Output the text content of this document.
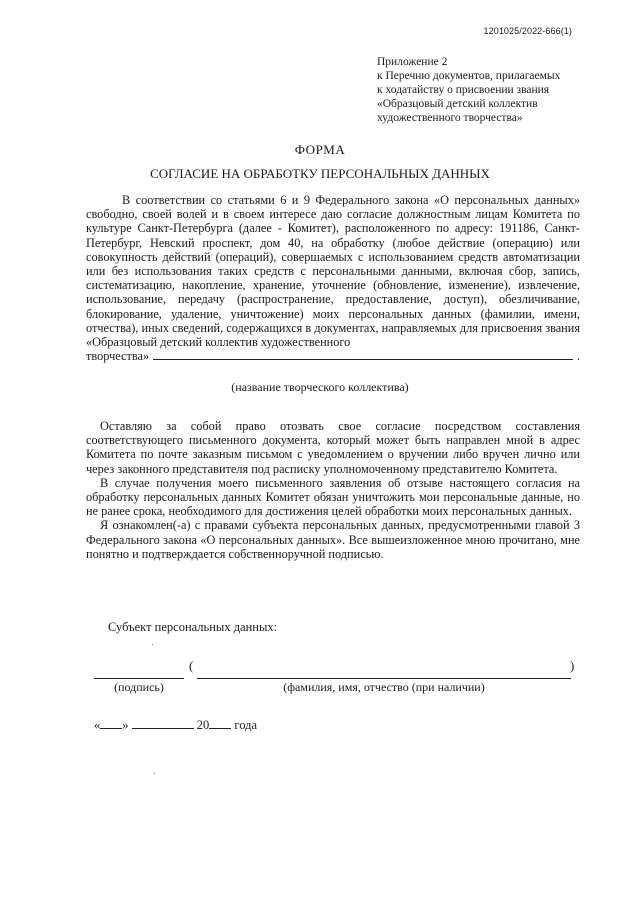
1201025/2022-666(1)
Приложение 2
к Перечню документов, прилагаемых
к ходатайству о присвоении звания
«Образцовый детский коллектив
художественного творчества»
ФОРМА
СОГЛАСИЕ НА ОБРАБОТКУ ПЕРСОНАЛЬНЫХ ДАННЫХ
В соответствии со статьями 6 и 9 Федерального закона «О персональных данных» свободно, своей волей и в своем интересе даю согласие должностным лицам Комитета по культуре Санкт-Петербурга (далее - Комитет), расположенного по адресу: 191186, Санкт-Петербург, Невский проспект, дом 40, на обработку (любое действие (операцию) или совокупность действий (операций), совершаемых с использованием средств автоматизации или без использования таких средств с персональными данными, включая сбор, запись, систематизацию, накопление, хранение, уточнение (обновление, изменение), извлечение, использование, передачу (распространение, предоставление, доступ), обезличивание, блокирование, удаление, уничтожение) моих персональных данных (фамилии, имени, отчества), иных сведений, содержащихся в документах, направляемых для присвоения звания «Образцовый детский коллектив художественного
творчества»	.
(название творческого коллектива)
Оставляю за собой право отозвать свое согласие посредством составления соответствующего письменного документа, который может быть направлен мной в адрес Комитета по почте заказным письмом с уведомлением о вручении либо вручен лично или через законного представителя под расписку уполномоченному представителю Комитета.
В случае получения моего письменного заявления об отзыве настоящего согласия на обработку персональных данных Комитет обязан уничтожить мои персональные данные, но не ранее срока, необходимого для достижения целей обработки моих персональных данных.
Я ознакомлен(-а) с правами субъекта персональных данных, предусмотренными главой 3 Федерального закона «О персональных данных». Все вышеизложенное мною прочитано, мне понятно и подтверждается собственноручной подписью.
Субъект персональных данных:
(	)
(подпись)	(фамилия, имя, отчество (при наличии)
« »	20 года
